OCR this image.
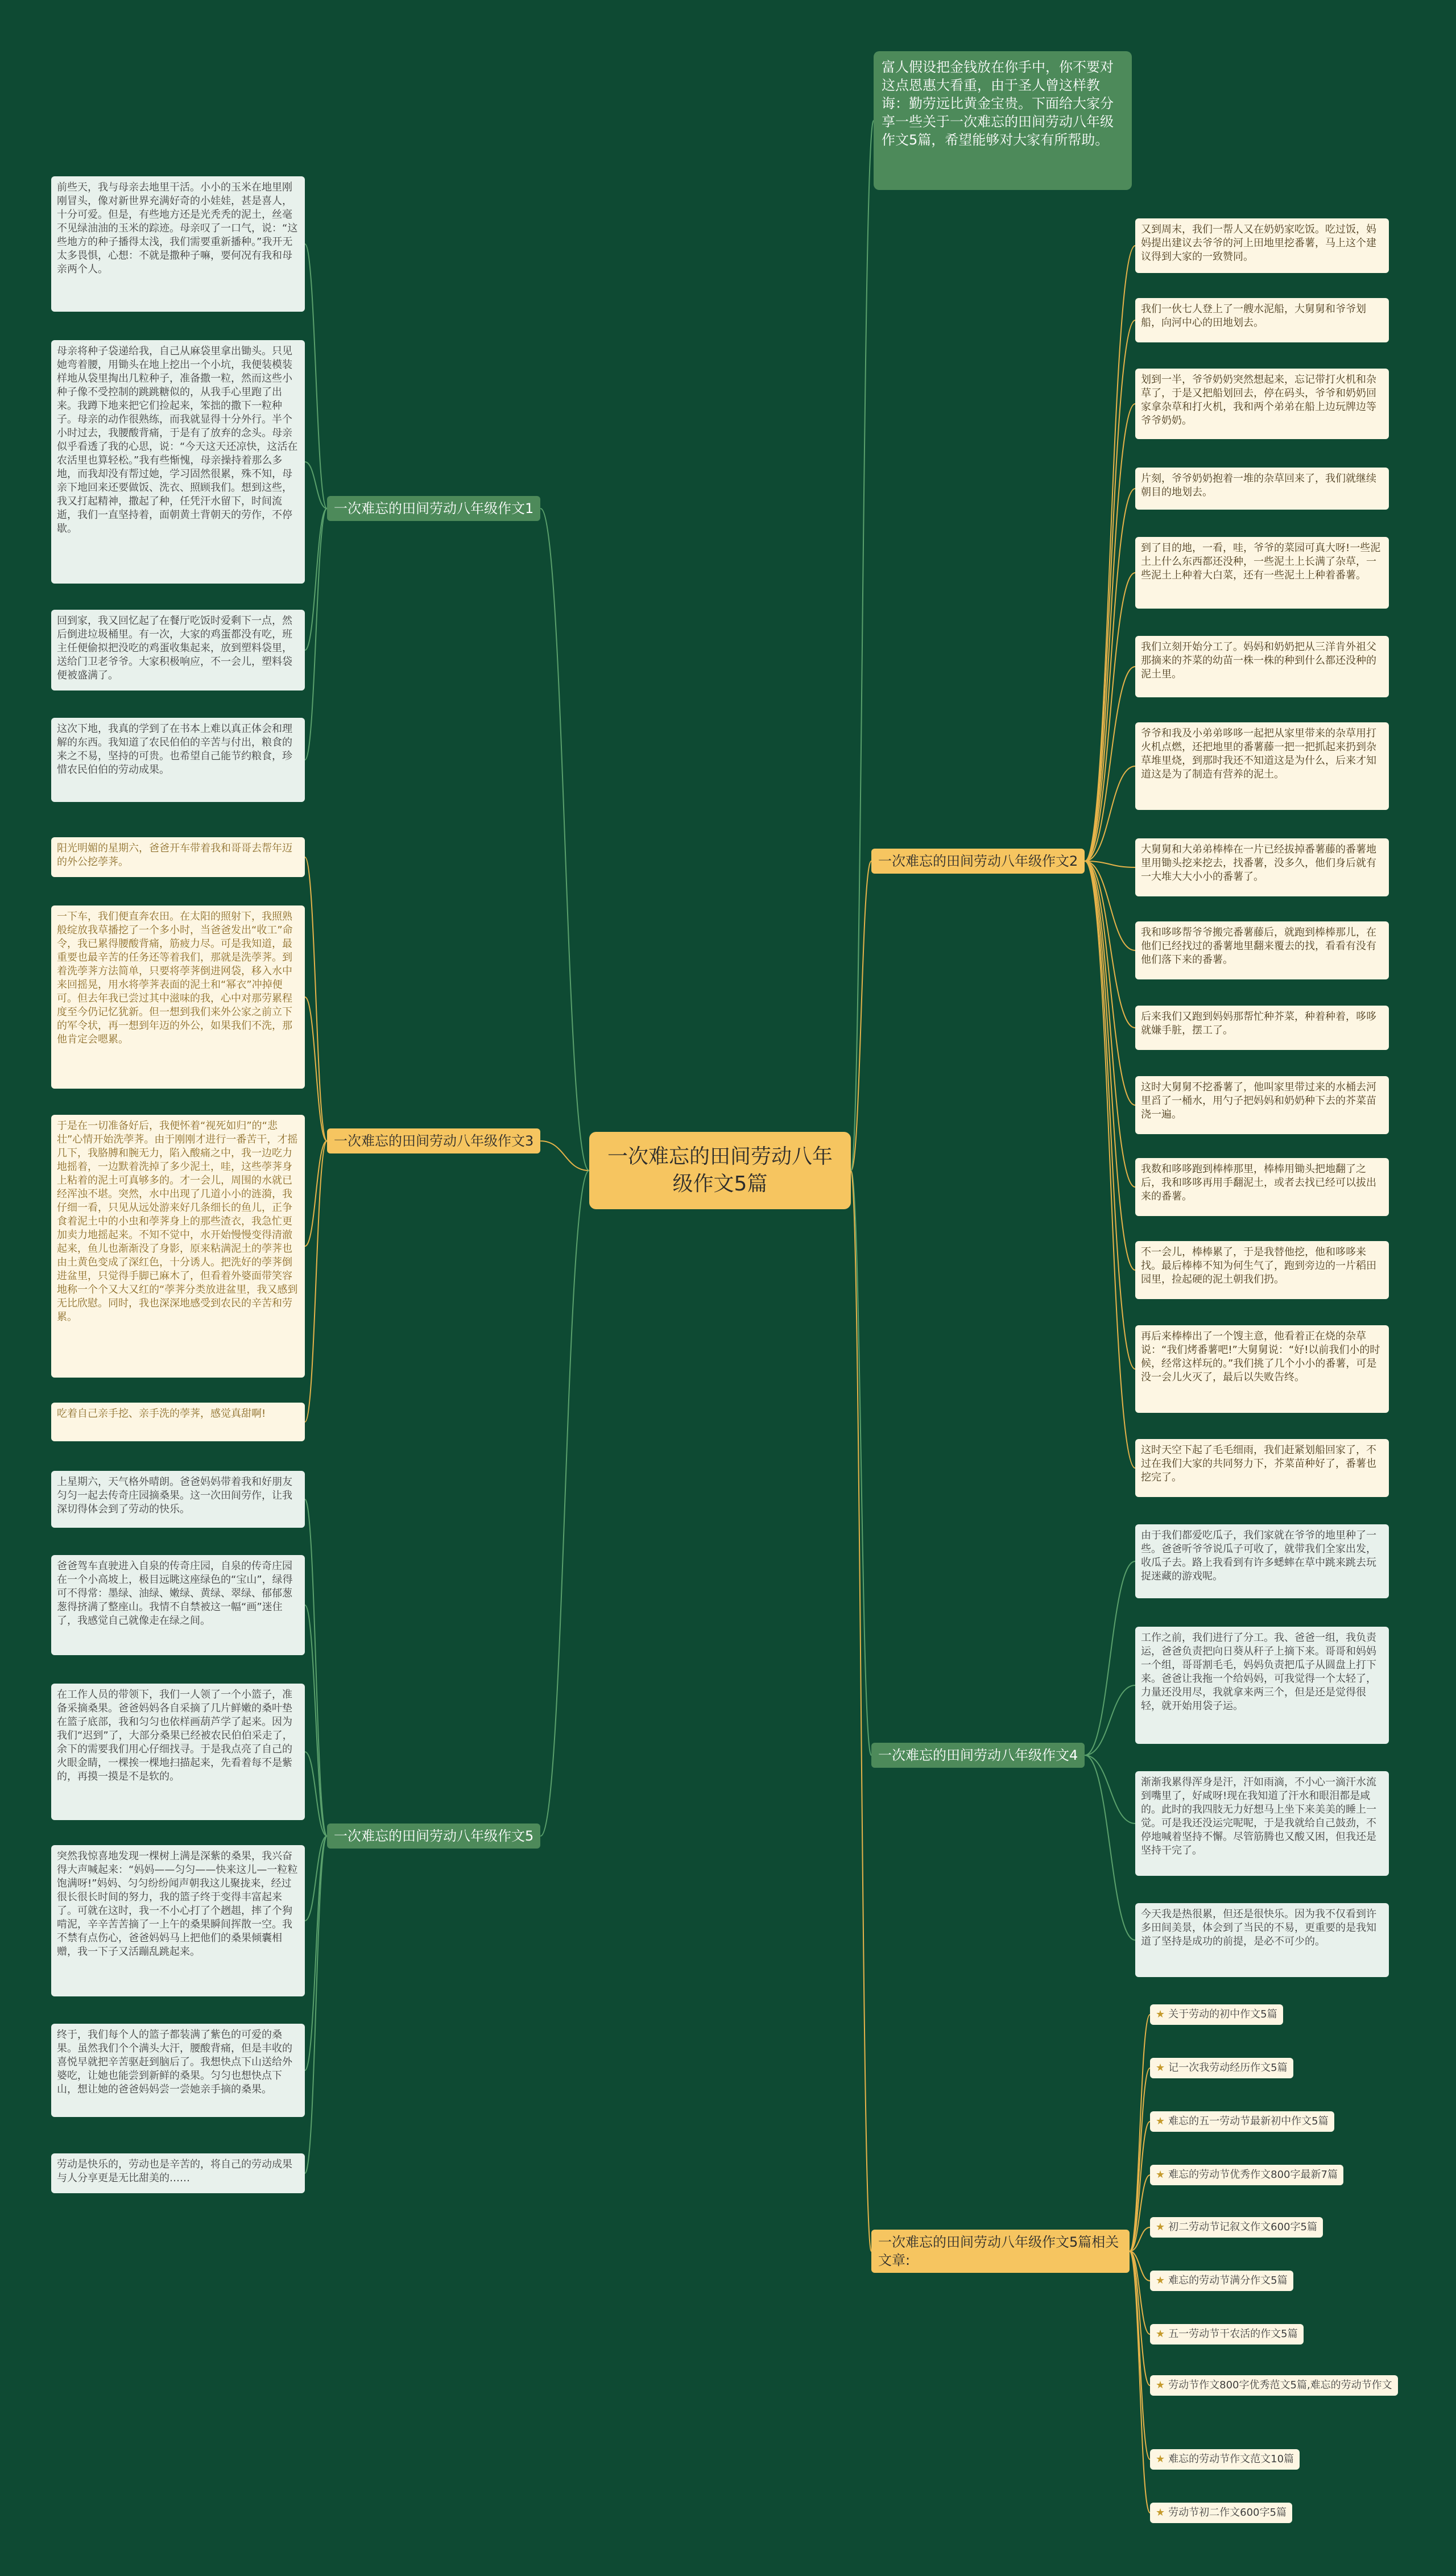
一次难忘的田间劳动八年级作文5篇
富人假设把金钱放在你手中，你不要对这点恩惠大看重，由于圣人曾这样教诲：勤劳远比黄金宝贵。下面给大家分享一些关于一次难忘的田间劳动八年级作文5篇，希望能够对大家有所帮助。
一次难忘的田间劳动八年级作文1
前些天，我与母亲去地里干活。小小的玉米在地里刚刚冒头，像对新世界充满好奇的小娃娃，甚是喜人，十分可爱。但是，有些地方还是光秃秃的泥土，丝毫不见绿油油的玉米的踪迹。母亲叹了一口气，说：“这些地方的种子播得太浅，我们需要重新播种。”我开无太多畏惧，心想：不就是撒种子嘛，要何况有我和母亲两个人。
母亲将种子袋递给我，自己从麻袋里拿出锄头。只见她弯着腰，用锄头在地上挖出一个小坑，我便装模装样地从袋里掏出几粒种子，准备撒一粒，然而这些小种子像不受控制的跳跳糖似的，从我手心里跑了出来。我蹲下地来把它们捡起来，笨拙的撒下一粒种子。母亲的动作很熟练，而我就显得十分外行。半个小时过去，我腰酸背痛，于是有了放弃的念头。母亲似乎看透了我的心思，说：“今天这天还凉快，这活在农活里也算轻松。”我有些惭愧，母亲操持着那么多地，而我却没有帮过她，学习固然很累，殊不知，母亲下地回来还要做饭、洗衣、照顾我们。想到这些，我又打起精神，撒起了种，任凭汗水留下，时间流逝，我们一直坚持着，面朝黄土背朝天的劳作，不停歇。
回到家，我又回忆起了在餐厅吃饭时爱剩下一点，然后倒进垃圾桶里。有一次，大家的鸡蛋都没有吃，班主任便偷拟把没吃的鸡蛋收集起来，放到塑料袋里，送给门卫老爷爷。大家积极响应，不一会儿，塑料袋便被盛满了。
这次下地，我真的学到了在书本上难以真正体会和理解的东西。我知道了农民伯伯的辛苦与付出，粮食的来之不易，坚持的可贵。也希望自己能节约粮食，珍惜农民伯伯的劳动成果。
一次难忘的田间劳动八年级作文3
阳光明媚的星期六，爸爸开车带着我和哥哥去帮年迈的外公挖荸荠。
一下车，我们便直奔农田。在太阳的照射下，我照熟般绽放我草播挖了一个多小时，当爸爸发出“收工”命令，我已累得腰酸背痛，筋疲力尽。可是我知道，最重要也最辛苦的任务还等着我们，那就是洗荸荠。到着洗荸荠方法简单，只要将荸荠倒进网袋，移入水中来回摇晃，用水将荸荠表面的泥土和“幂衣”冲掉便可。但去年我已尝过其中滋味的我，心中对那劳累程度至今仍记忆犹新。但一想到我们来外公家之前立下的军令状，再一想到年迈的外公，如果我们不洗，那他肯定会嗯累。
于是在一切准备好后，我便怀着“视死如归”的“悲壮”心情开始洗荸荠。由于刚刚才进行一番苦干，才摇几下，我胳膊和腕无力，陷入酸痛之中，我一边吃力地摇着，一边默着洗掉了多少泥土，哇，这些荸荠身上粘着的泥土可真够多的。才一会儿，周围的水就已经浑浊不堪。突然，水中出现了几道小小的涟漪，我仔细一看，只见从远处游来好几条细长的鱼儿，正争食着泥土中的小虫和荸荠身上的那些渣衣，我急忙更加卖力地摇起来。不知不觉中，水开始慢慢变得清澈起来，鱼儿也渐渐没了身影，原来粘满泥土的荸荠也由土黄色变成了深红色，十分诱人。把洗好的荸荠倒进盆里，只觉得手脚已麻木了，但看着外婆面带笑容地称一个个又大又红的“荸荠分类放进盆里，我又感到无比欣慰。同时，我也深深地感受到农民的辛苦和劳累。
吃着自己亲手挖、亲手洗的荸荠，感觉真甜啊!
一次难忘的田间劳动八年级作文5
上星期六，天气格外晴朗。爸爸妈妈带着我和好朋友匀匀一起去传奇庄园摘桑果。这一次田间劳作，让我深切得体会到了劳动的快乐。
爸爸驾车直驶进入自泉的传奇庄园，自泉的传奇庄园在一个小高坡上，极目远眺这座绿色的“宝山”，绿得可不得常：墨绿、油绿、嫩绿、黄绿、翠绿、郁郁葱葱得挤满了整座山。我情不自禁被这一幅“画”迷住了，我感觉自己就像走在绿之间。
在工作人员的带领下，我们一人领了一个小篮子，准备采摘桑果。爸爸妈妈各自采摘了几片鲜嫩的桑叶垫在篮子底部，我和匀匀也依样画葫芦学了起来。因为我们“迟到”了，大部分桑果已经被农民伯伯采走了，余下的需要我们用心仔细找寻。于是我点亮了自己的火眼金睛，一棵挨一棵地扫描起来，先看着每不是紫的，再摸一摸是不是软的。
突然我惊喜地发现一棵树上满是深紫的桑果，我兴奋得大声喊起来：“妈妈——匀匀——快来这儿—一粒粒饱满呀!”妈妈、匀匀纷纷闻声朝我这儿聚拢来，经过很长很长时间的努力，我的篮子终于变得丰富起来了。可就在这时，我一不小心打了个趔趄，摔了个狗啃泥，辛辛苦苦摘了一上午的桑果瞬间挥散一空。我不禁有点伤心，爸爸妈妈马上把他们的桑果倾囊相赠，我一下子又活蹦乱跳起来。
终于，我们每个人的篮子都装满了紫色的可爱的桑果。虽然我们个个满头大汗，腰酸背痛，但是丰收的喜悦早就把辛苦驱赶到脑后了。我想快点下山送给外婆吃，让她也能尝到新鲜的桑果。匀匀也想快点下山，想让她的爸爸妈妈尝一尝她亲手摘的桑果。
劳动是快乐的，劳动也是辛苦的，将自己的劳动成果与人分享更是无比甜美的……
一次难忘的田间劳动八年级作文2
又到周末，我们一帮人又在奶奶家吃饭。吃过饭，妈妈提出建议去爷爷的河上田地里挖番薯，马上这个建议得到大家的一致赞同。
我们一伙七人登上了一艘水泥船，大舅舅和爷爷划船，向河中心的田地划去。
划到一半，爷爷奶奶突然想起来，忘记带打火机和杂草了，于是又把船划回去，停在码头，爷爷和奶奶回家拿杂草和打火机，我和两个弟弟在船上边玩牌边等爷爷奶奶。
片刻，爷爷奶奶抱着一堆的杂草回来了，我们就继续朝目的地划去。
到了目的地，一看，哇，爷爷的菜园可真大呀!一些泥土上什么东西都还没种，一些泥土上长满了杂草，一些泥土上种着大白菜，还有一些泥土上种着番薯。
我们立刻开始分工了。妈妈和奶奶把从三洋肯外祖父那摘来的芥菜的幼苗一株一株的种到什么都还没种的泥土里。
爷爷和我及小弟弟哆哆一起把从家里带来的杂草用打火机点燃，还把地里的番薯藤一把一把抓起来扔到杂草堆里烧，到那时我还不知道这是为什么，后来才知道这是为了制造有营养的泥土。
大舅舅和大弟弟棒棒在一片已经拔掉番薯藤的番薯地里用锄头挖来挖去，找番薯，没多久，他们身后就有一大堆大大小小的番薯了。
我和哆哆帮爷爷搬完番薯藤后，就跑到棒棒那儿，在他们已经找过的番薯地里翻来覆去的找，看看有没有他们落下来的番薯。
后来我们又跑到妈妈那帮忙种芥菜，种着种着，哆哆就嫌手脏，摆工了。
这时大舅舅不挖番薯了，他叫家里带过来的水桶去河里舀了一桶水，用勺子把妈妈和奶奶种下去的芥菜苗浇一遍。
我数和哆哆跑到棒棒那里，棒棒用锄头把地翻了之后，我和哆哆再用手翻泥土，或者去找已经可以拔出来的番薯。
不一会儿，棒棒累了，于是我替他挖，他和哆哆来找。最后棒棒不知为何生气了，跑到旁边的一片稻田园里，捡起硬的泥土朝我们扔。
再后来棒棒出了一个馊主意，他看着正在烧的杂草说：“我们烤番薯吧!”大舅舅说：“好!以前我们小的时候，经常这样玩的。”我们挑了几个小小的番薯，可是没一会儿火灭了，最后以失败告终。
这时天空下起了毛毛细雨，我们赶紧划船回家了，不过在我们大家的共同努力下，芥菜苗种好了，番薯也挖完了。
一次难忘的田间劳动八年级作文4
由于我们都爱吃瓜子，我们家就在爷爷的地里种了一些。爸爸听爷爷说瓜子可收了，就带我们全家出发，收瓜子去。路上我看到有许多蟋蟀在草中跳来跳去玩捉迷藏的游戏呢。
工作之前，我们进行了分工。我、爸爸一组，我负责运，爸爸负责把向日葵从秆子上摘下来。哥哥和妈妈一个组，哥哥割毛毛，妈妈负责把瓜子从圆盘上打下来。爸爸让我拖一个给妈妈，可我觉得一个太轻了，力量还没用尽，我就拿来两三个，但是还是觉得很轻，就开始用袋子运。
渐渐我累得浑身是汗，汗如雨滴，不小心一滴汗水流到嘴里了，好咸呀!现在我知道了汗水和眼泪都是咸的。此时的我四肢无力好想马上坐下来美美的睡上一觉。可是我还没运完呢呢，于是我就给自己鼓劲，不停地喊着坚持不懈。尽管筋腾也又酸又困，但我还是坚持干完了。
今天我是热很累，但还是很快乐。因为我不仅看到许多田间美景，体会到了当民的不易，更重要的是我知道了坚持是成功的前提，是必不可少的。
一次难忘的田间劳动八年级作文5篇相关文章:
★ 关于劳动的初中作文5篇
★ 记一次我劳动经历作文5篇
★ 难忘的五一劳动节最新初中作文5篇
★ 难忘的劳动节优秀作文800字最新7篇
★ 初二劳动节记叙文作文600字5篇
★ 难忘的劳动节满分作文5篇
★ 五一劳动节干农活的作文5篇
★ 劳动节作文800字优秀范文5篇,难忘的劳动节作文
★ 难忘的劳动节作文范文10篇
★ 劳动节初二作文600字5篇
